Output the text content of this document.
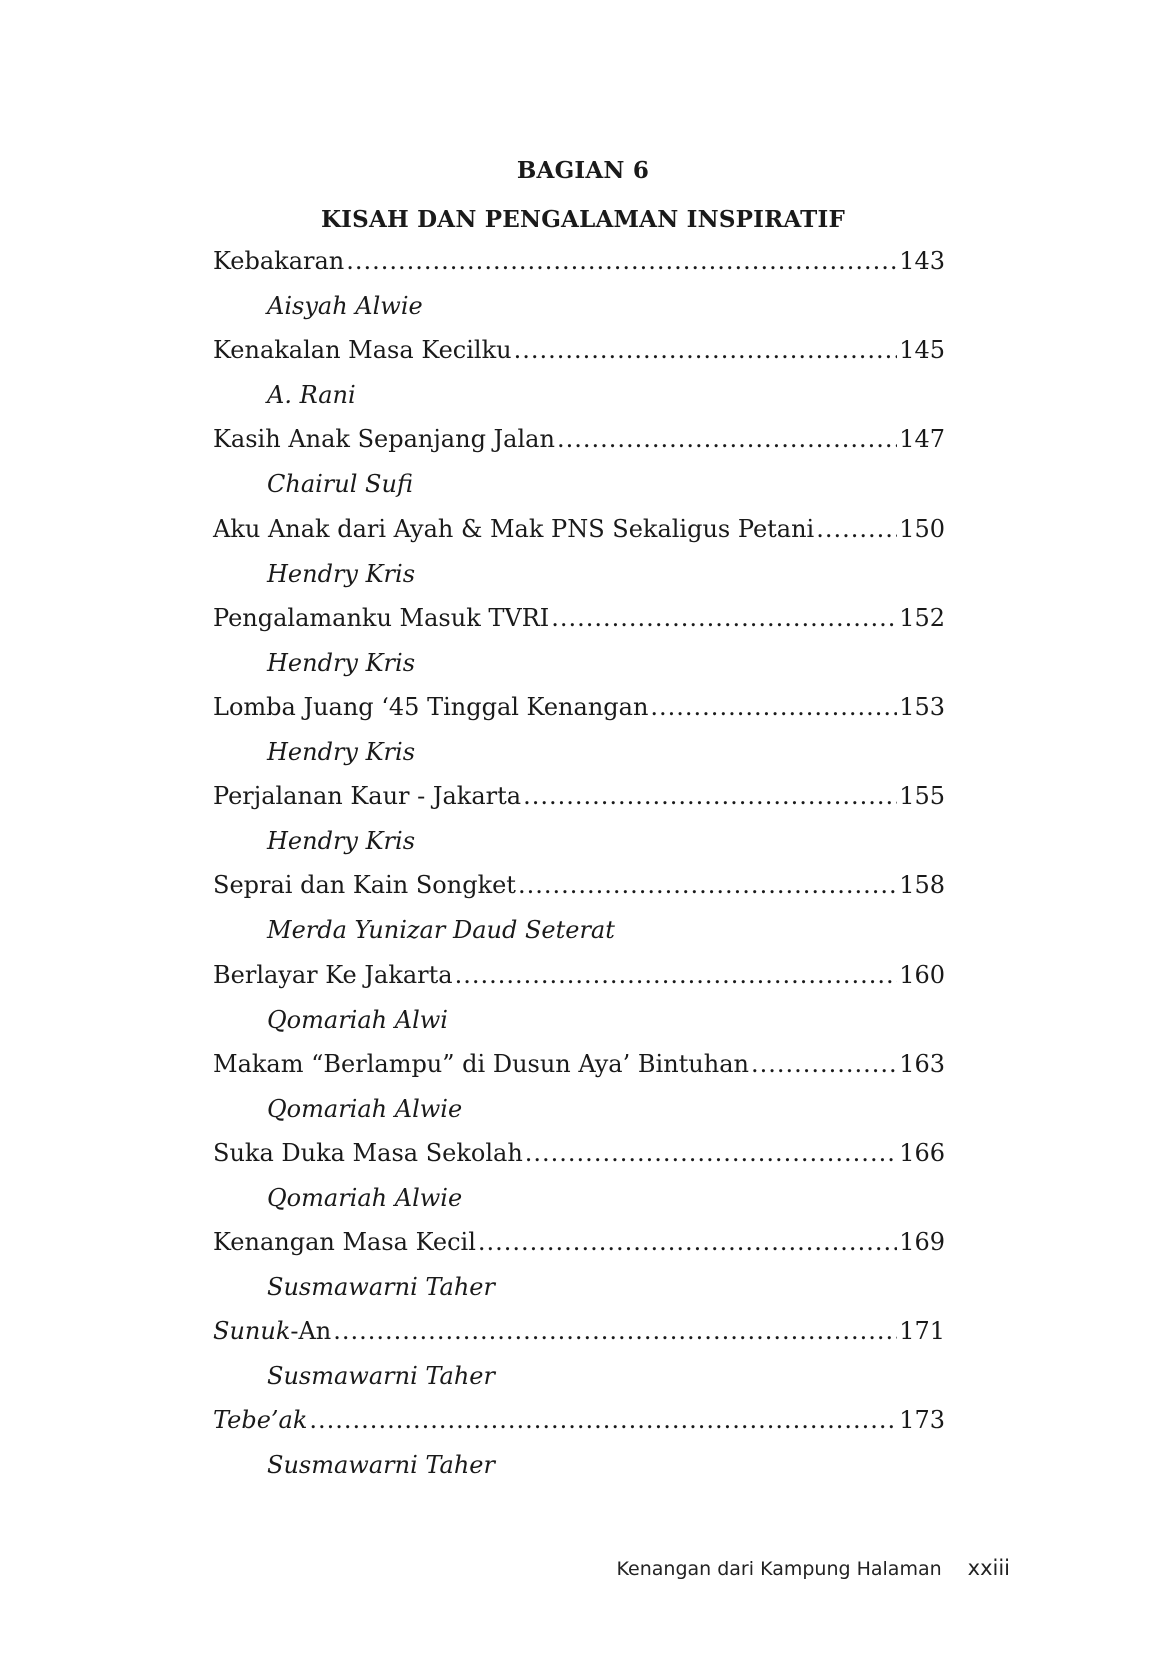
BAGIAN 6
KISAH DAN PENGALAMAN INSPIRATIF
Kebakaran .....	143
Aisyah Alwie
Kenakalan Masa Kecilku .....	145
A. Rani
Kasih Anak Sepanjang Jalan .....	147
Chairul Sufi
Aku Anak dari Ayah & Mak PNS Sekaligus Petani .....	150
Hendry Kris
Pengalamanku Masuk TVRI .....	152
Hendry Kris
Lomba Juang ‘45 Tinggal Kenangan .....	153
Hendry Kris
Perjalanan Kaur - Jakarta .....	155
Hendry Kris
Seprai dan Kain Songket .....	158
Merda Yunizar Daud Seterat
Berlayar Ke Jakarta .....	160
Qomariah Alwi
Makam “Berlampu” di Dusun Aya’ Bintuhan .....	163
Qomariah Alwie
Suka Duka Masa Sekolah .....	166
Qomariah Alwie
Kenangan Masa Kecil .....	169
Susmawarni Taher
Sunuk-An .....	171
Susmawarni Taher
Tebe’ak .....	173
Susmawarni Taher
Kenangan dari Kampung Halaman xxiii
